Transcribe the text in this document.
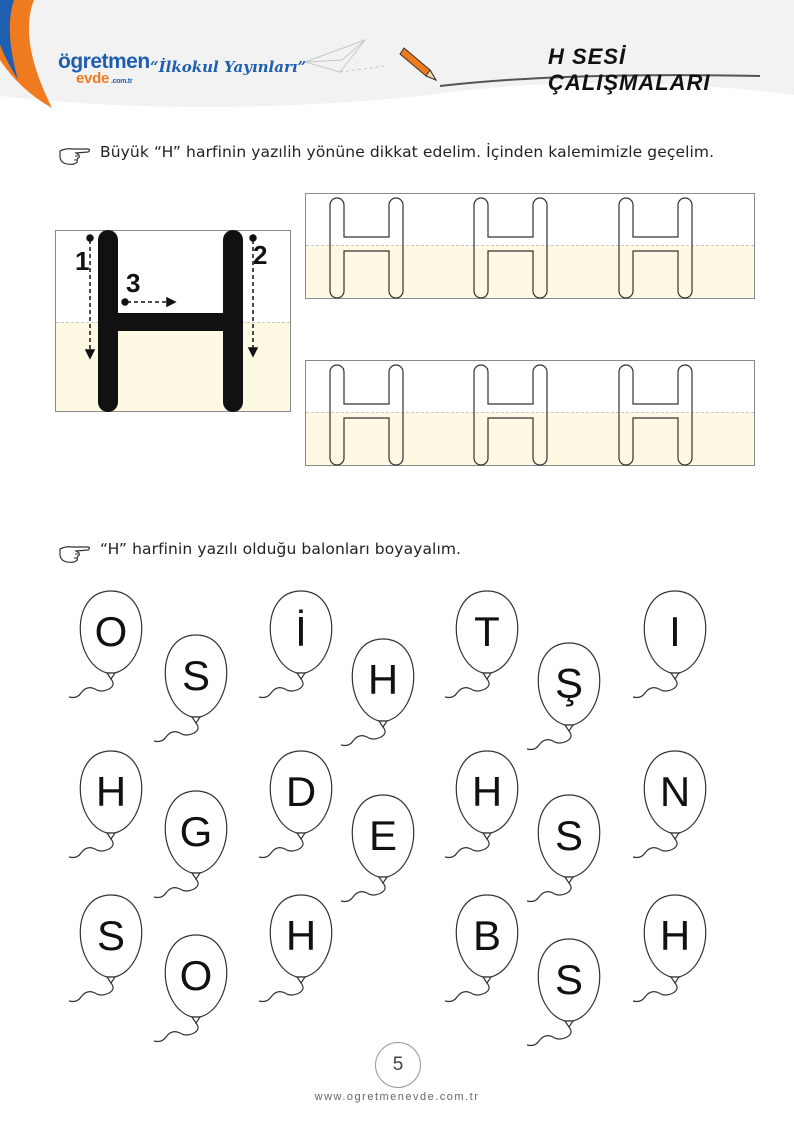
ögretmen
evde .com.tr
“İlkokul Yayınları”	H SESİ ÇALIŞMALARI
Büyük “H” harfinin yazılı̇h yönüne dikkat edelim. İçinden kalemimizle geçelim.
1	2
3
“H” harfinin yazılı olduğu balonları boyayalım.
O
S
İ
H
T
Ş
I
H
G
D
E
H
S
N
S
O
H	B
S
H
5
www.ogretmenevde.com.tr
